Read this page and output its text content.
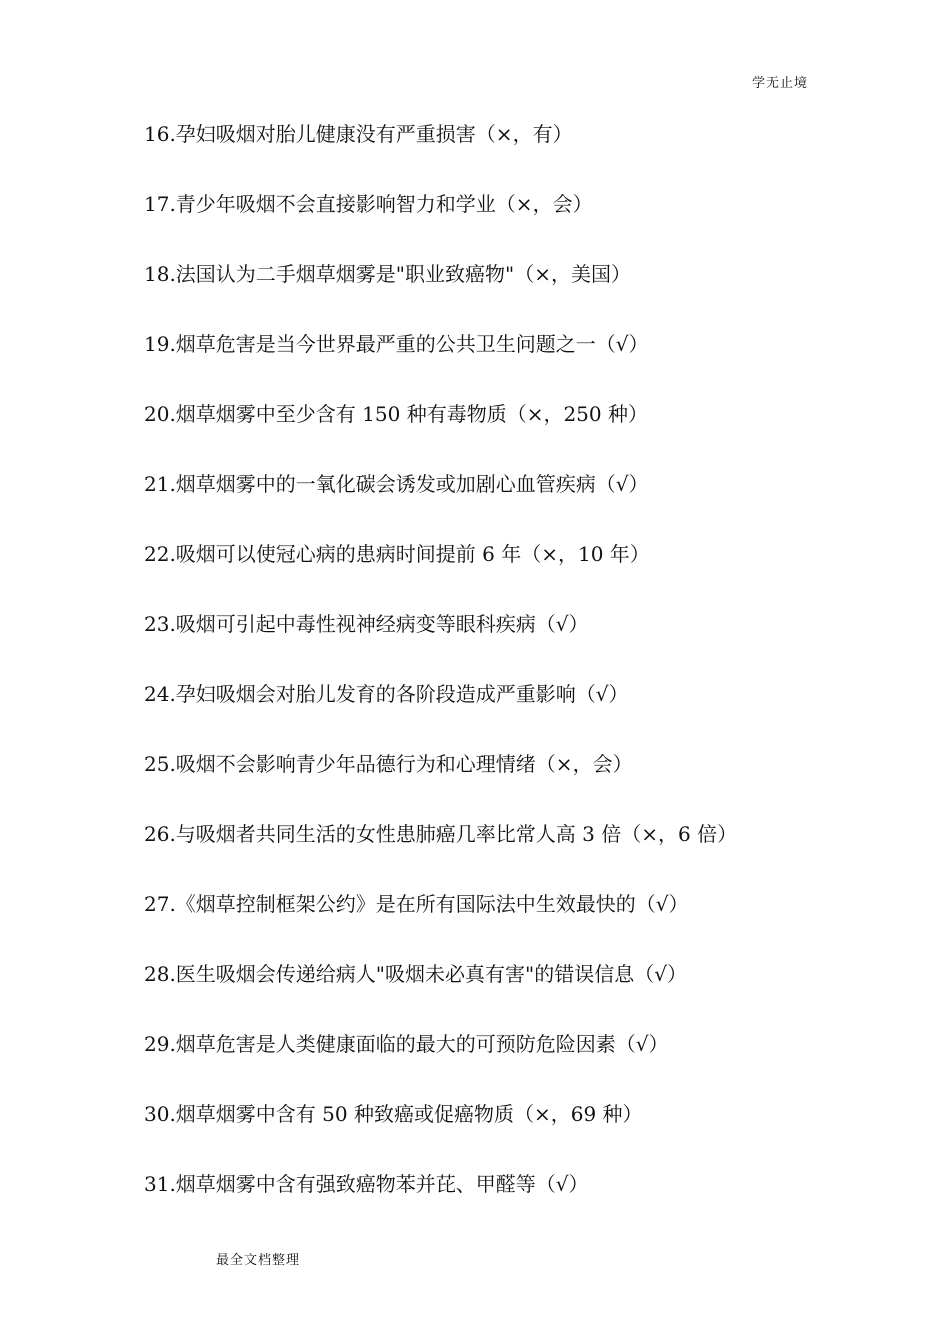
学无止境
16.孕妇吸烟对胎儿健康没有严重损害（×，有）
17.青少年吸烟不会直接影响智力和学业（×，会）
18.法国认为二手烟草烟雾是"职业致癌物"（×，美国）
19.烟草危害是当今世界最严重的公共卫生问题之一（√）
20.烟草烟雾中至少含有 150 种有毒物质（×，250 种）
21.烟草烟雾中的一氧化碳会诱发或加剧心血管疾病（√）
22.吸烟可以使冠心病的患病时间提前 6 年（×，10 年）
23.吸烟可引起中毒性视神经病变等眼科疾病（√）
24.孕妇吸烟会对胎儿发育的各阶段造成严重影响（√）
25.吸烟不会影响青少年品德行为和心理情绪（×，会）
26.与吸烟者共同生活的女性患肺癌几率比常人高 3 倍（×，6 倍）
27.《烟草控制框架公约》是在所有国际法中生效最快的（√）
28.医生吸烟会传递给病人"吸烟未必真有害"的错误信息（√）
29.烟草危害是人类健康面临的最大的可预防危险因素（√）
30.烟草烟雾中含有 50 种致癌或促癌物质（×，69 种）
31.烟草烟雾中含有强致癌物苯并芘、甲醛等（√）
最全文档整理
